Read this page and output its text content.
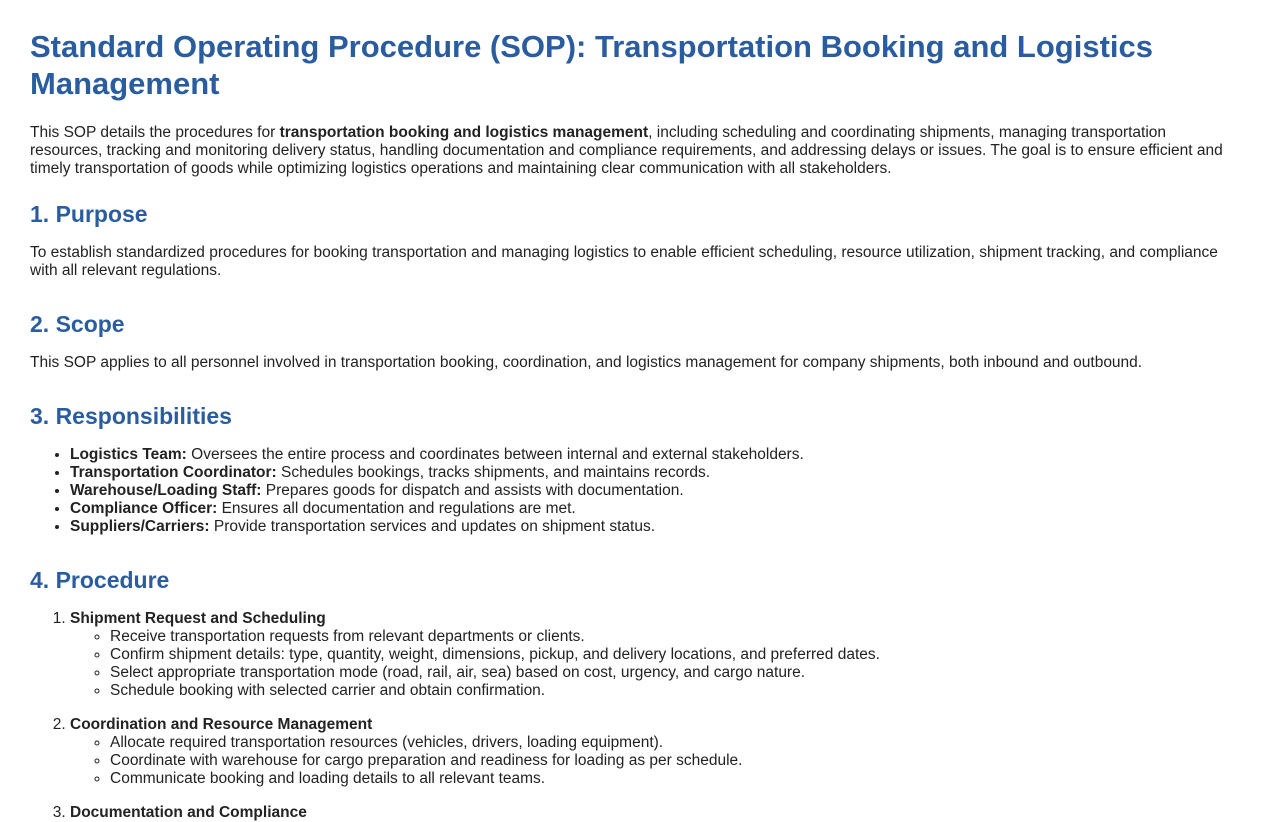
Standard Operating Procedure (SOP): Transportation Booking and Logistics Management

This SOP details the procedures for transportation booking and logistics management, including scheduling and coordinating shipments, managing transportation resources, tracking and monitoring delivery status, handling documentation and compliance requirements, and addressing delays or issues. The goal is to ensure efficient and timely transportation of goods while optimizing logistics operations and maintaining clear communication with all stakeholders.

1. Purpose

To establish standardized procedures for booking transportation and managing logistics to enable efficient scheduling, resource utilization, shipment tracking, and compliance with all relevant regulations.

2. Scope

This SOP applies to all personnel involved in transportation booking, coordination, and logistics management for company shipments, both inbound and outbound.

3. Responsibilities
• Logistics Team: Oversees the entire process and coordinates between internal and external stakeholders.
• Transportation Coordinator: Schedules bookings, tracks shipments, and maintains records.
• Warehouse/Loading Staff: Prepares goods for dispatch and assists with documentation.
• Compliance Officer: Ensures all documentation and regulations are met.
• Suppliers/Carriers: Provide transportation services and updates on shipment status.
4. Procedure
1. Shipment Request and Scheduling
◦ Receive transportation requests from relevant departments or clients.
◦ Confirm shipment details: type, quantity, weight, dimensions, pickup, and delivery locations, and preferred dates.
◦ Select appropriate transportation mode (road, rail, air, sea) based on cost, urgency, and cargo nature.
◦ Schedule booking with selected carrier and obtain confirmation.
2. Coordination and Resource Management
◦ Allocate required transportation resources (vehicles, drivers, loading equipment).
◦ Coordinate with warehouse for cargo preparation and readiness for loading as per schedule.
◦ Communicate booking and loading details to all relevant teams.
3. Documentation and Compliance
